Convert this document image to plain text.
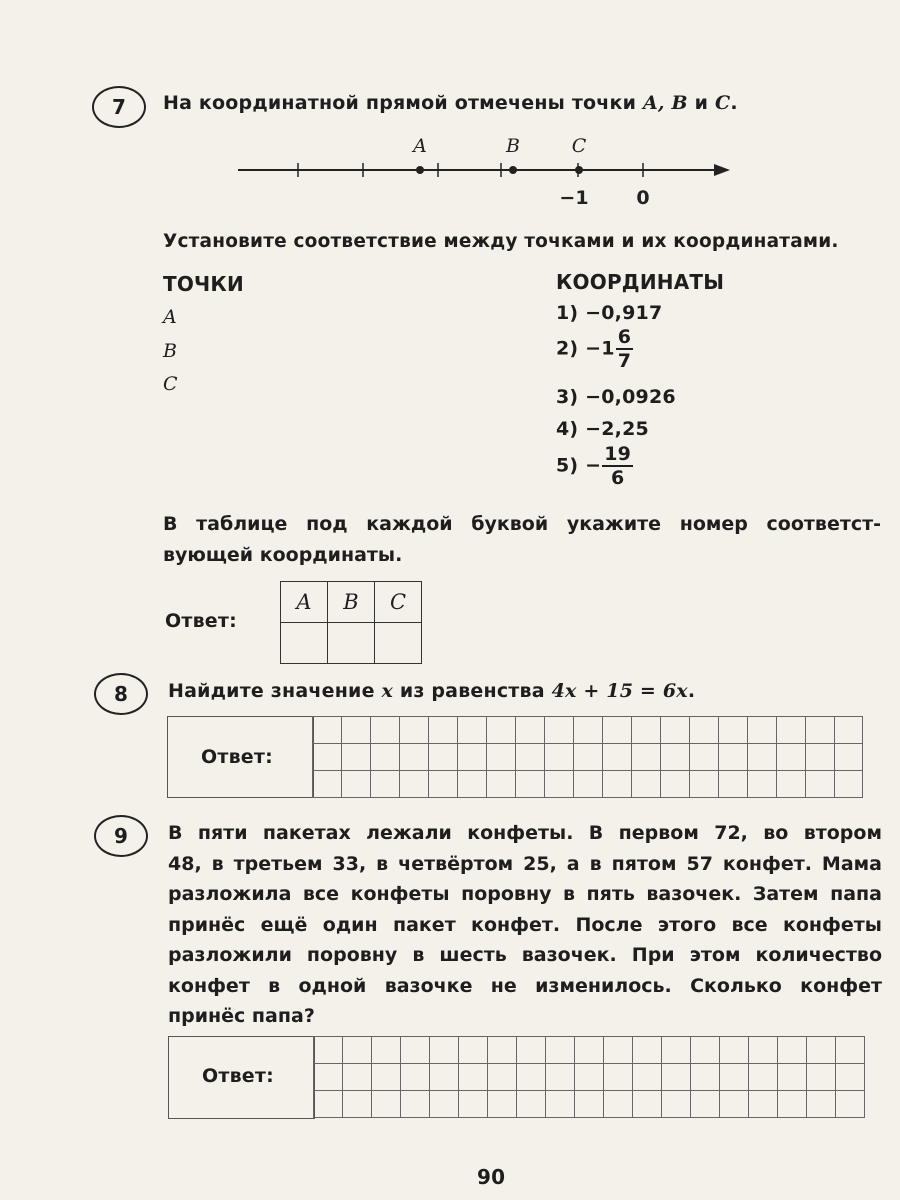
7 На координатной прямой отмечены точки A, B и C.
A	B	C
−1	0
Установите соответствие между точками и их координатами.
ТОЧКИ
A
B
C
КООРДИНАТЫ
1) −0,917
$2) -1 \frac{6}{7}$
3) −0,0926
4) −2,25
$5) - \frac{19}{6}$
В таблице под каждой буквой укажите номер соответст-
вующей координаты.
Ответ:
A	B	C

8 Найдите значение x из равенства 4x + 15 = 6x.
Ответ:
9 В пяти пакетах лежали конфеты. В первом 72, во втором
48, в третьем 33, в четвёртом 25, а в пятом 57 конфет. Мама
разложила все конфеты поровну в пять вазочек. Затем папа
принёс ещё один пакет конфет. После этого все конфеты
разложили поровну в шесть вазочек. При этом количество
конфет в одной вазочке не изменилось. Сколько конфет
принёс папа?
Ответ:
90
